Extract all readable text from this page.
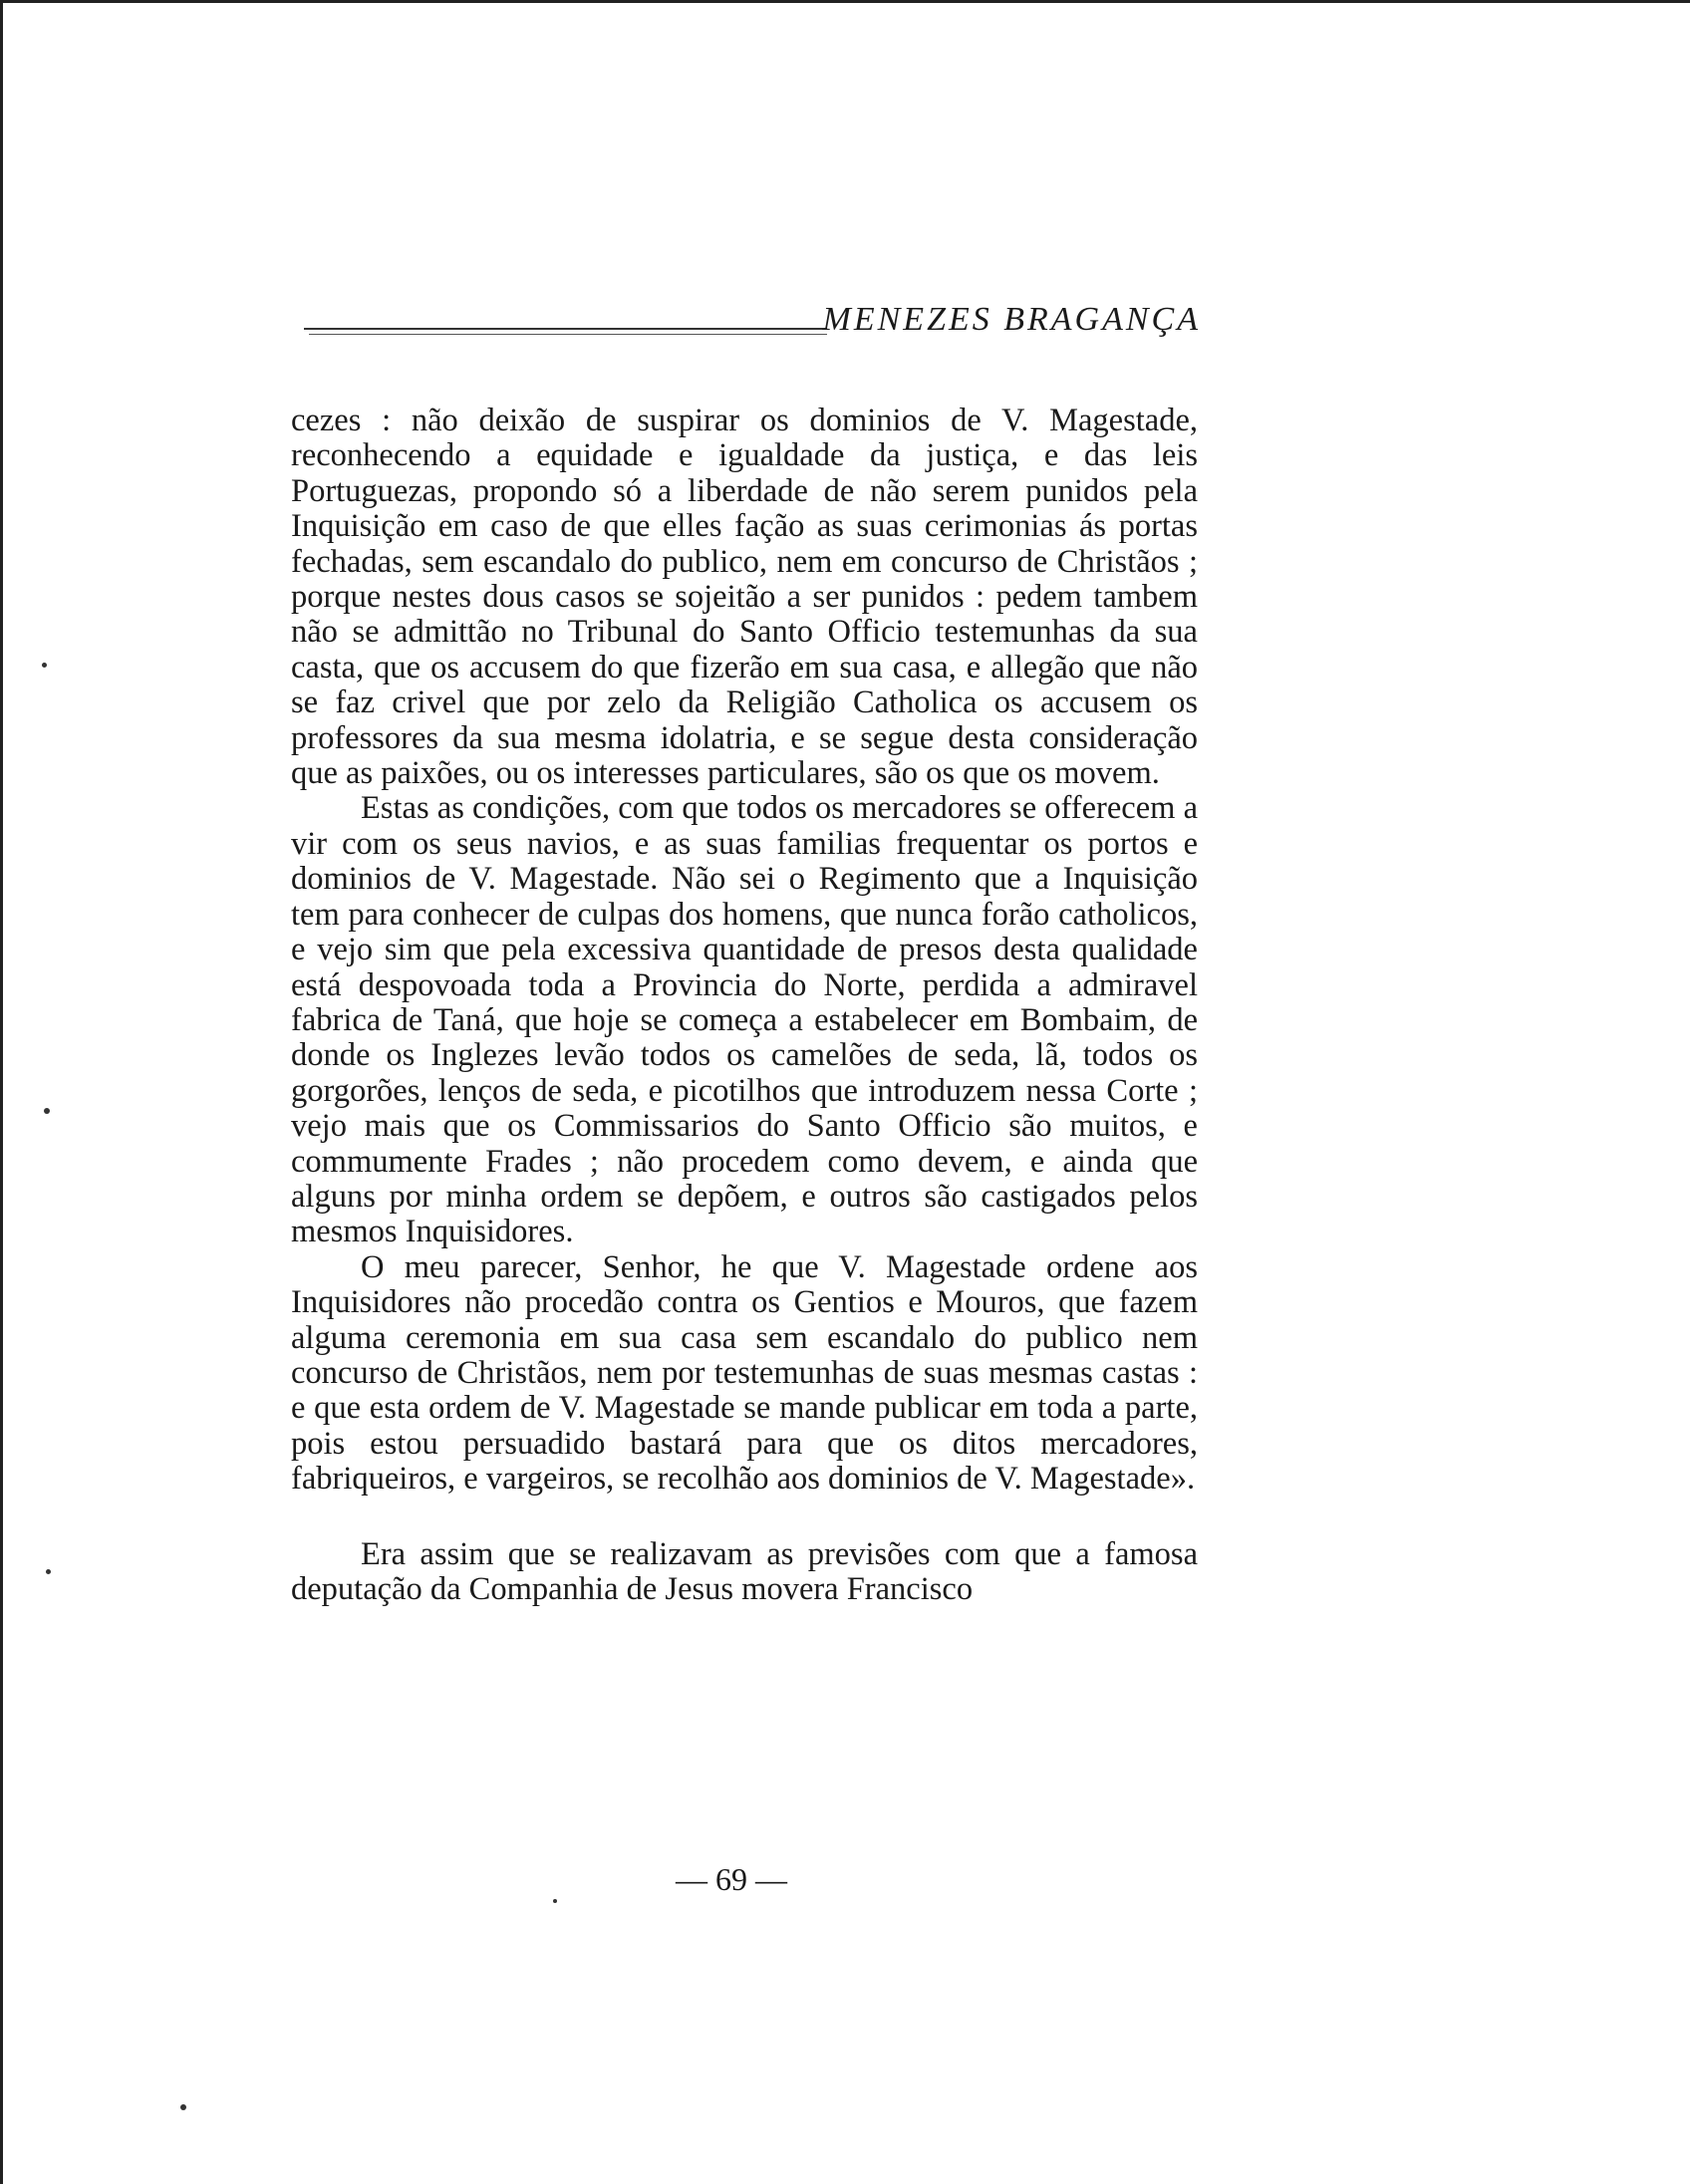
MENEZES BRAGANÇA

cezes : não deixão de suspirar os dominios de V. Magestade, reconhecendo a equidade e igualdade da justiça, e das leis Portuguezas, propondo só a liberdade de não serem punidos pela Inquisição em caso de que elles fação as suas cerimonias ás portas fechadas, sem escandalo do publico, nem em concurso de Christãos ; porque nestes dous casos se sojeitão a ser punidos : pedem tambem não se admittão no Tribunal do Santo Officio testemunhas da sua casta, que os accusem do que fizerão em sua casa, e allegão que não se faz crivel que por zelo da Religião Catholica os accusem os professores da sua mesma idolatria, e se segue desta consideração que as paixões, ou os interesses particulares, são os que os movem.

Estas as condições, com que todos os mercadores se offerecem a vir com os seus navios, e as suas familias frequentar os portos e dominios de V. Magestade. Não sei o Regimento que a Inquisição tem para conhecer de culpas dos homens, que nunca forão catholicos, e vejo sim que pela excessiva quantidade de presos desta qualidade está despovoada toda a Provincia do Norte, perdida a admiravel fabrica de Taná, que hoje se começa a estabelecer em Bombaim, de donde os Inglezes levão todos os camelões de seda, lã, todos os gorgorões, lenços de seda, e picotilhos que introduzem nessa Corte ; vejo mais que os Commissarios do Santo Officio são muitos, e commumente Frades ; não procedem como devem, e ainda que alguns por minha ordem se depõem, e outros são castigados pelos mesmos Inquisidores.

O meu parecer, Senhor, he que V. Magestade ordene aos Inquisidores não procedão contra os Gentios e Mouros, que fazem alguma ceremonia em sua casa sem escandalo do publico nem concurso de Christãos, nem por testemunhas de suas mesmas castas : e que esta ordem de V. Magestade se mande publicar em toda a parte, pois estou persuadido bastará para que os ditos mercadores, fabriqueiros, e vargeiros, se recolhão aos dominios de V. Magestade».

Era assim que se realizavam as previsões com que a famosa deputação da Companhia de Jesus movera Francisco

— 69 —
